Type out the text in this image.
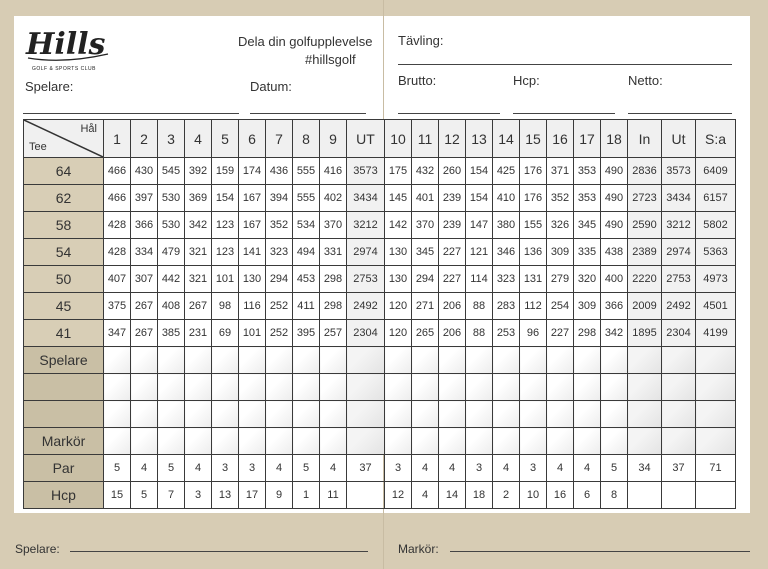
Hills
GOLF & SPORTS CLUB
Dela din golfupplevelse
#hillsgolf
Spelare:	Datum:
Tävling:
Brutto:	Hcp:	Netto:
Hål
Tee	1	2	3	4	5	6	7	8	9	UT	10	11	12	13	14	15	16	17	18	In	Ut	S:a
64	466	430	545	392	159	174	436	555	416	3573	175	432	260	154	425	176	371	353	490	2836	3573	6409
62	466	397	530	369	154	167	394	555	402	3434	145	401	239	154	410	176	352	353	490	2723	3434	6157
58	428	366	530	342	123	167	352	534	370	3212	142	370	239	147	380	155	326	345	490	2590	3212	5802
54	428	334	479	321	123	141	323	494	331	2974	130	345	227	121	346	136	309	335	438	2389	2974	5363
50	407	307	442	321	101	130	294	453	298	2753	130	294	227	114	323	131	279	320	400	2220	2753	4973
45	375	267	408	267	98	116	252	411	298	2492	120	271	206	88	283	112	254	309	366	2009	2492	4501
41	347	267	385	231	69	101	252	395	257	2304	120	265	206	88	253	96	227	298	342	1895	2304	4199
Spelare																						

Markör																						
Par	5	4	5	4	3	3	4	5	4	37	3	4	4	3	4	3	4	4	5	34	37	71
Hcp	15	5	7	3	13	17	9	1	11		12	4	14	18	2	10	16	6	8			
Spelare:	Markör:
